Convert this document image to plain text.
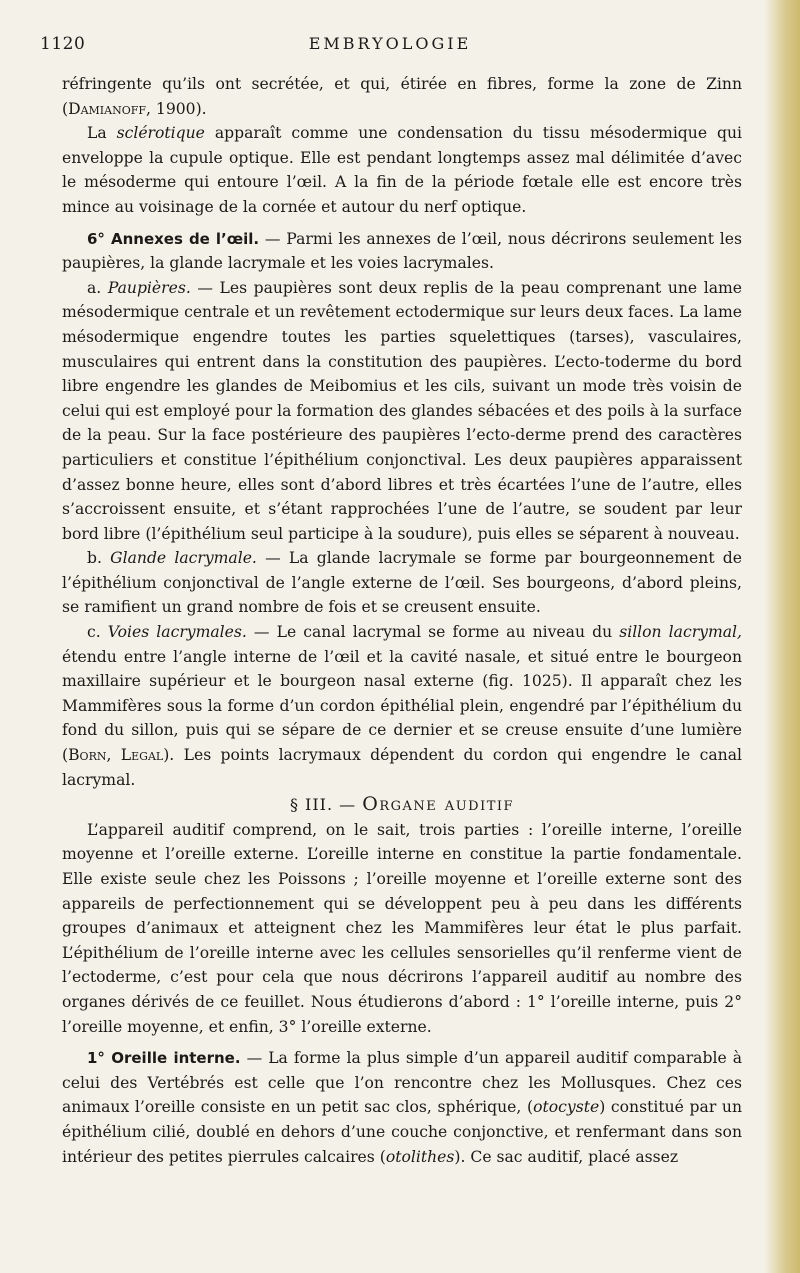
1120	EMBRYOLOGIE

réfringente qu’ils ont secrétée, et qui, étirée en fibres, forme la zone de Zinn (Damianoff, 1900).

La sclérotique apparaît comme une condensation du tissu mésodermique qui enveloppe la cupule optique. Elle est pendant longtemps assez mal délimitée d’avec le mésoderme qui entoure l’œil. A la fin de la période fœtale elle est encore très mince au voisinage de la cornée et autour du nerf optique.

6° Annexes de l’œil. — Parmi les annexes de l’œil, nous décrirons seulement les paupières, la glande lacrymale et les voies lacrymales.

a. Paupières. — Les paupières sont deux replis de la peau comprenant une lame mésodermique centrale et un revêtement ectodermique sur leurs deux faces. La lame mésodermique engendre toutes les parties squelettiques (tarses), vasculaires, musculaires qui entrent dans la constitution des paupières. L’ecto-toderme du bord libre engendre les glandes de Meibomius et les cils, suivant un mode très voisin de celui qui est employé pour la formation des glandes sébacées et des poils à la surface de la peau. Sur la face postérieure des paupières l’ecto-derme prend des caractères particuliers et constitue l’épithélium conjonctival. Les deux paupières apparaissent d’assez bonne heure, elles sont d’abord libres et très écartées l’une de l’autre, elles s’accroissent ensuite, et s’étant rapprochées l’une de l’autre, se soudent par leur bord libre (l’épithélium seul participe à la soudure), puis elles se séparent à nouveau.

b. Glande lacrymale. — La glande lacrymale se forme par bourgeonnement de l’épithélium conjonctival de l’angle externe de l’œil. Ses bourgeons, d’abord pleins, se ramifient un grand nombre de fois et se creusent ensuite.

c. Voies lacrymales. — Le canal lacrymal se forme au niveau du sillon lacrymal, étendu entre l’angle interne de l’œil et la cavité nasale, et situé entre le bourgeon maxillaire supérieur et le bourgeon nasal externe (fig. 1025). Il apparaît chez les Mammifères sous la forme d’un cordon épithélial plein, engendré par l’épithélium du fond du sillon, puis qui se sépare de ce dernier et se creuse ensuite d’une lumière (Born, Legal). Les points lacrymaux dépendent du cordon qui engendre le canal lacrymal.

§ III. — Organe auditif

L’appareil auditif comprend, on le sait, trois parties : l’oreille interne, l’oreille moyenne et l’oreille externe. L’oreille interne en constitue la partie fondamentale. Elle existe seule chez les Poissons ; l’oreille moyenne et l’oreille externe sont des appareils de perfectionnement qui se développent peu à peu dans les différents groupes d’animaux et atteignent chez les Mammifères leur état le plus parfait. L’épithélium de l’oreille interne avec les cellules sensorielles qu’il renferme vient de l’ectoderme, c’est pour cela que nous décrirons l’appareil auditif au nombre des organes dérivés de ce feuillet. Nous étudierons d’abord : 1° l’oreille interne, puis 2° l’oreille moyenne, et enfin, 3° l’oreille externe.

1° Oreille interne. — La forme la plus simple d’un appareil auditif comparable à celui des Vertébrés est celle que l’on rencontre chez les Mollusques. Chez ces animaux l’oreille consiste en un petit sac clos, sphérique, (otocyste) constitué par un épithélium cilié, doublé en dehors d’une couche conjonctive, et renfermant dans son intérieur des petites pierrules calcaires (otolithes). Ce sac auditif, placé assez
